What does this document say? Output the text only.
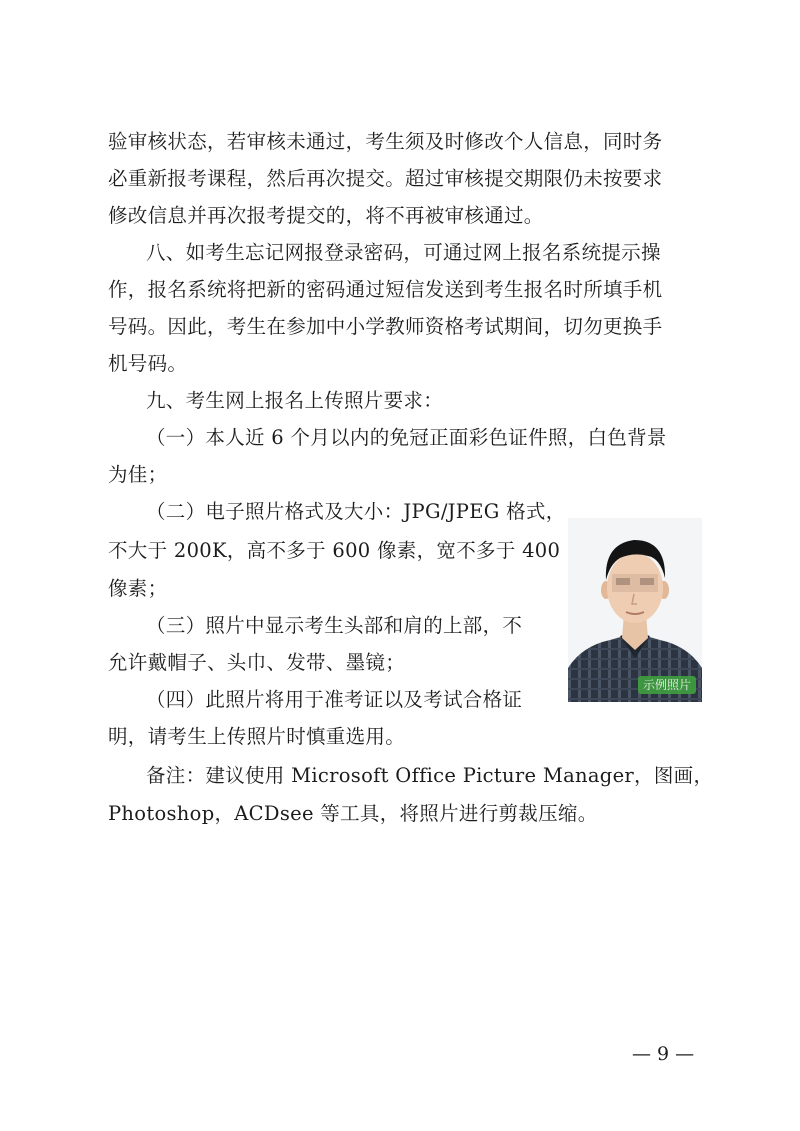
验审核状态，若审核未通过，考生须及时修改个人信息，同时务
必重新报考课程，然后再次提交。超过审核提交期限仍未按要求
修改信息并再次报考提交的，将不再被审核通过。
八、如考生忘记网报登录密码，可通过网上报名系统提示操
作，报名系统将把新的密码通过短信发送到考生报名时所填手机
号码。因此，考生在参加中小学教师资格考试期间，切勿更换手
机号码。
九、考生网上报名上传照片要求：
（一）本人近 6 个月以内的免冠正面彩色证件照，白色背景
为佳；
（二）电子照片格式及大小：JPG/JPEG 格式，
不大于 200K，高不多于 600 像素，宽不多于 400
像素；
（三）照片中显示考生头部和肩的上部，不
允许戴帽子、头巾、发带、墨镜；
（四）此照片将用于准考证以及考试合格证
明，请考生上传照片时慎重选用。
备注：建议使用 Microsoft Office Picture Manager，图画，
Photoshop，ACDsee 等工具，将照片进行剪裁压缩。
示例照片
— 9 —
